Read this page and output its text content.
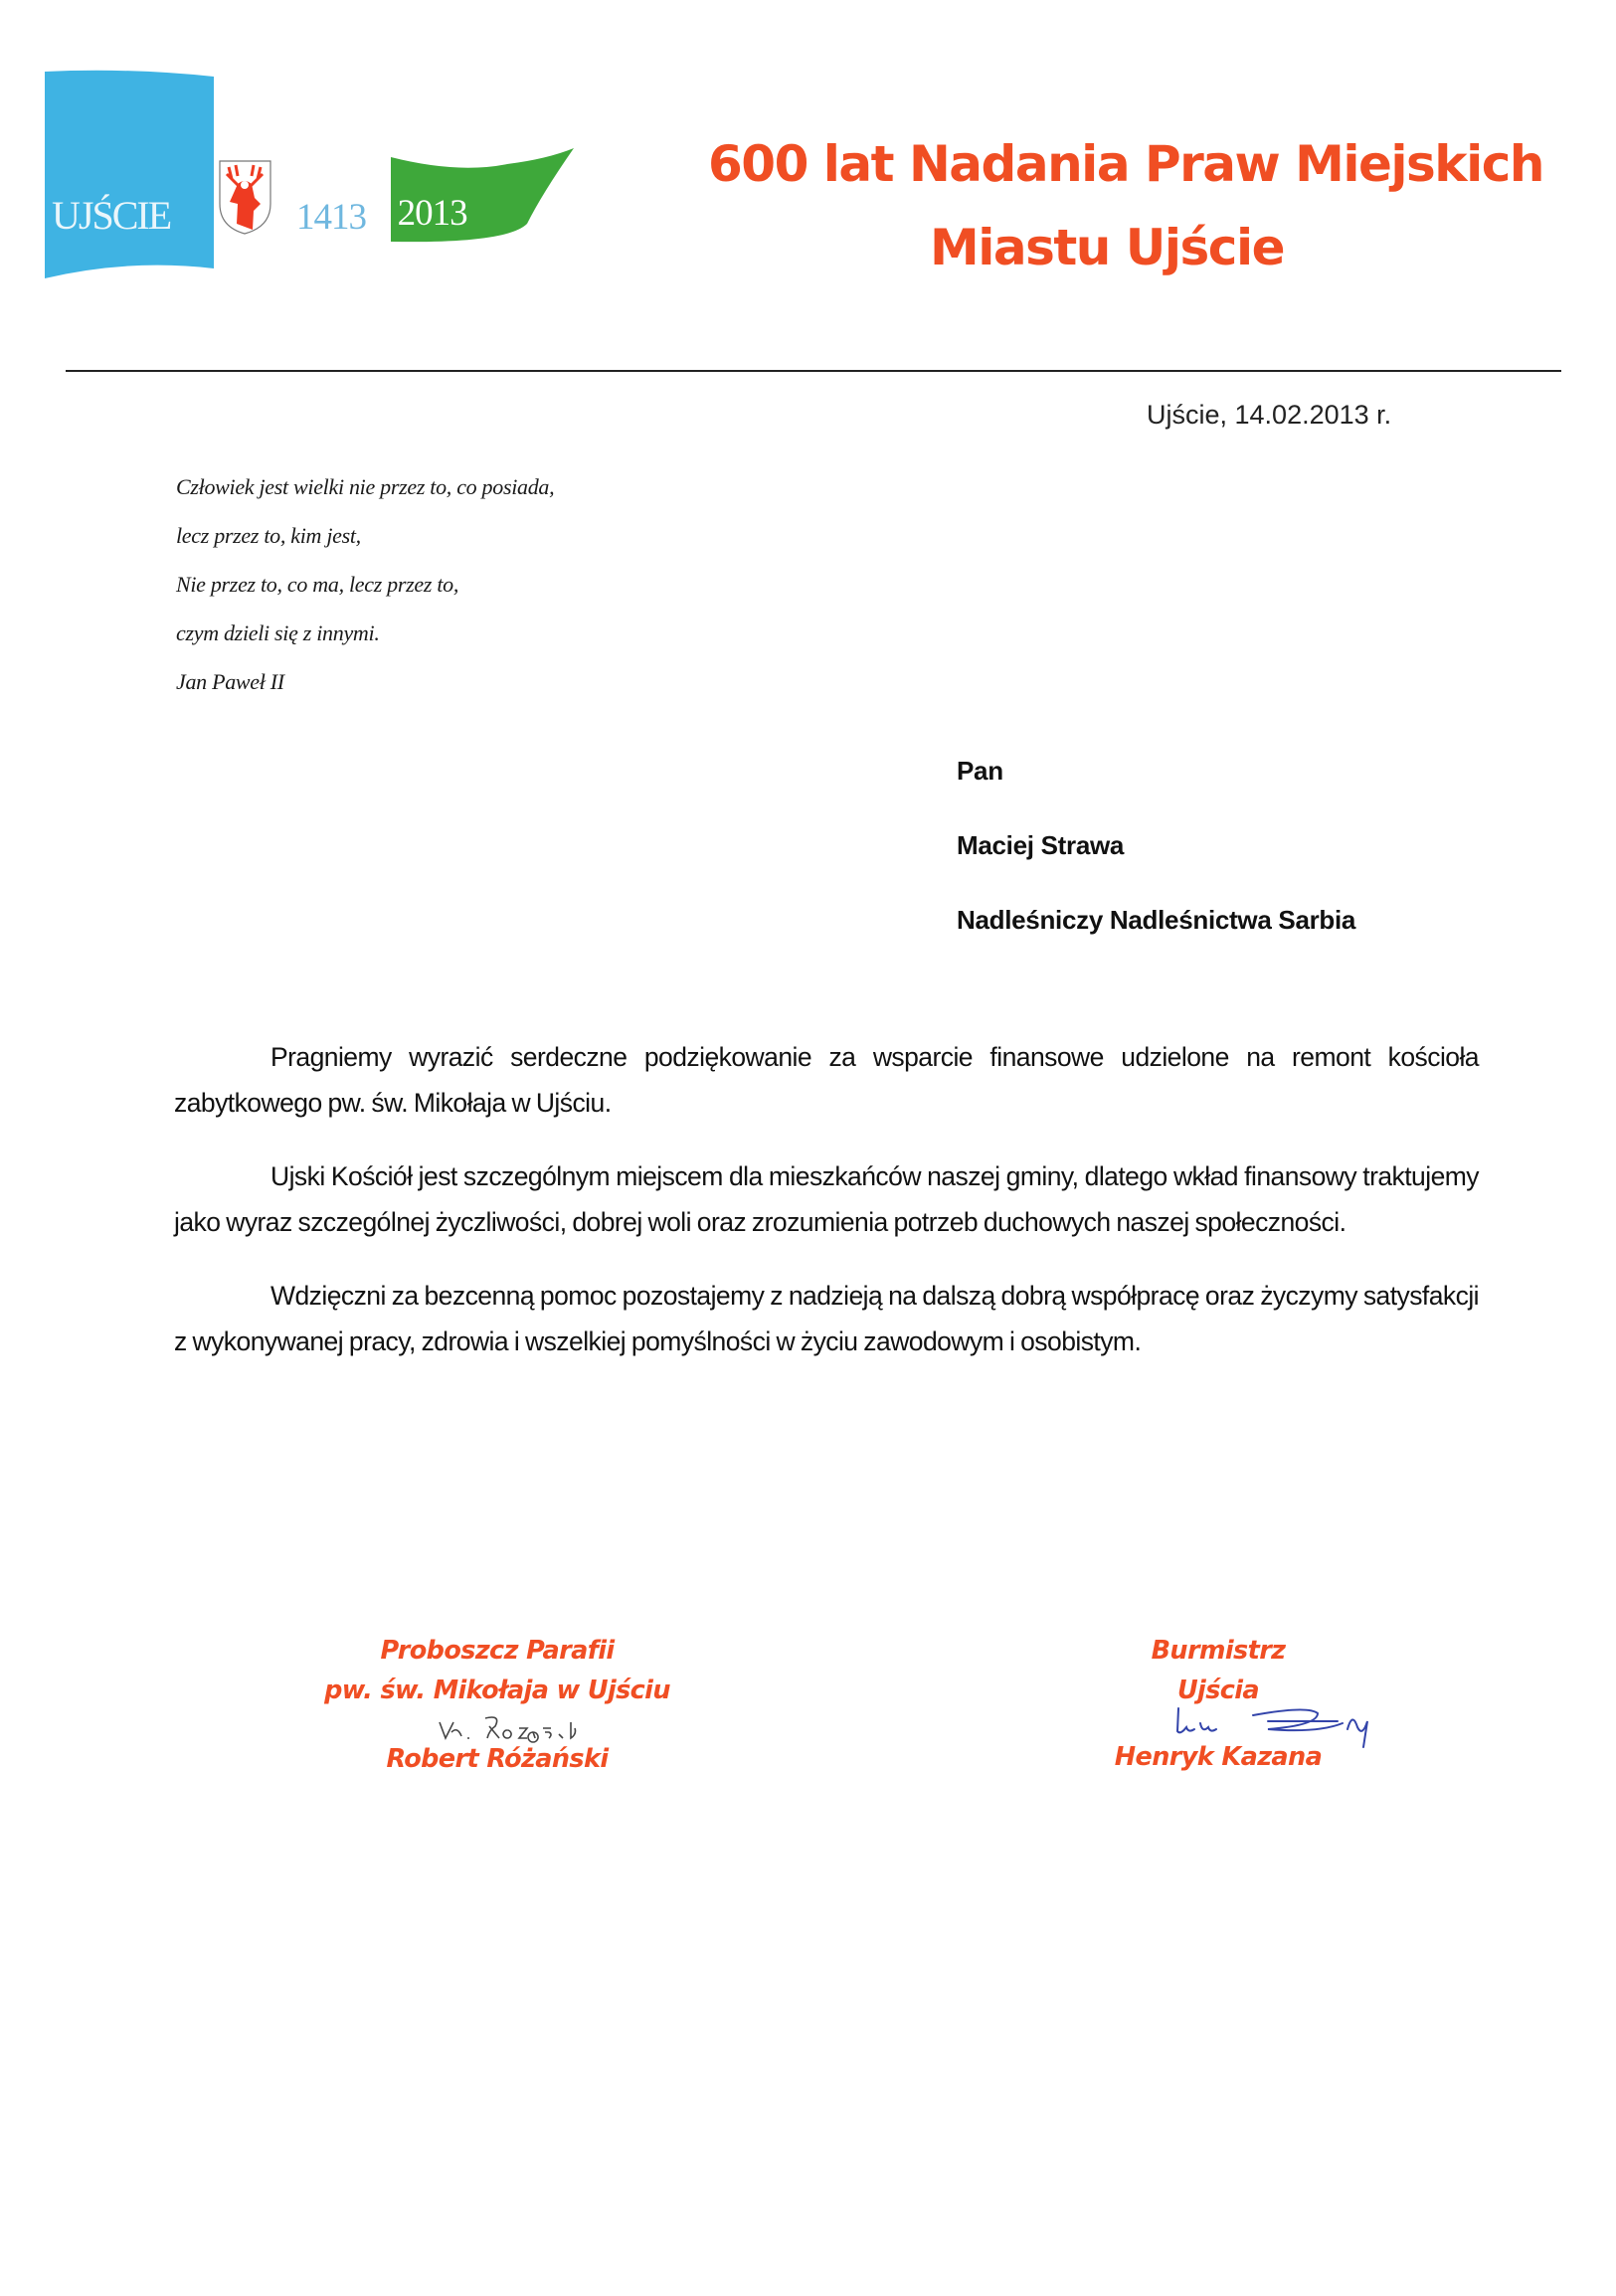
UJŚCIE	1413 - 2013
600 lat Nadania Praw Miejskich
Miastu Ujście
Ujście, 14.02.2013 r.
Człowiek jest wielki nie przez to, co posiada,
lecz przez to, kim jest,
Nie przez to, co ma, lecz przez to,
czym dzieli się z innymi.
Jan Paweł II
Pan
Maciej Strawa
Nadleśniczy Nadleśnictwa Sarbia

Pragniemy wyrazić serdeczne podziękowanie za wsparcie finansowe udzielone na remont kościoła zabytkowego pw. św. Mikołaja w Ujściu.

Ujski Kościół jest szczególnym miejscem dla mieszkańców naszej gminy, dlatego wkład finansowy traktujemy jako wyraz szczególnej życzliwości, dobrej woli oraz zrozumienia potrzeb duchowych naszej społeczności.

Wdzięczni za bezcenną pomoc pozostajemy z nadzieją na dalszą dobrą współpracę oraz życzymy satysfakcji z wykonywanej pracy, zdrowia i wszelkiej pomyślności w życiu zawodowym i osobistym.

Proboszcz Parafii
pw. św. Mikołaja w Ujściu
Robert Różański
Burmistrz
Ujścia
Henryk Kazana
